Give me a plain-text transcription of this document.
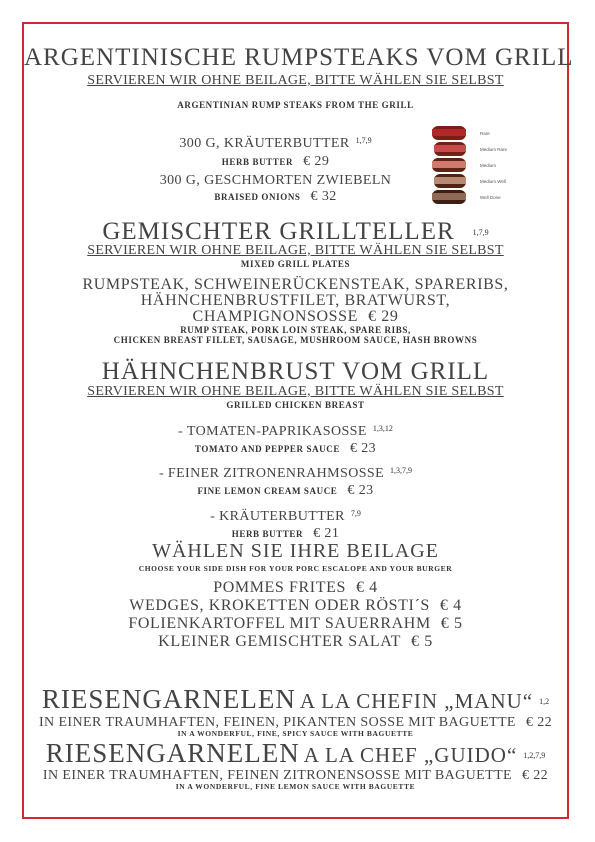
ARGENTINISCHE RUMPSTEAKS VOM GRILL
SERVIEREN WIR OHNE BEILAGE, BITTE WÄHLEN SIE SELBST
ARGENTINIAN RUMP STEAKS FROM THE GRILL
300 G, KRÄUTERBUTTER $^{1,7,9}$
HERB BUTTER € 29
300 G, GESCHMORTEN ZWIEBELN
BRAISED ONIONS € 32
Rare
Medium Rare
Medium
Medium Well
Well Done
GEMISCHTER GRILLTELLER $^{1,7,9}$
SERVIEREN WIR OHNE BEILAGE, BITTE WÄHLEN SIE SELBST
MIXED GRILL PLATES
RUMPSTEAK, SCHWEINERÜCKENSTEAK, SPARERIBS,
HÄHNCHENBRUSTFILET, BRATWURST,
CHAMPIGNONSOSSE € 29
RUMP STEAK, PORK LOIN STEAK, SPARE RIBS,
CHICKEN BREAST FILLET, SAUSAGE, MUSHROOM SAUCE, HASH BROWNS
HÄHNCHENBRUST VOM GRILL
SERVIEREN WIR OHNE BEILAGE, BITTE WÄHLEN SIE SELBST
GRILLED CHICKEN BREAST
- TOMATEN-PAPRIKASOSSE $^{1,3,12}$
TOMATO AND PEPPER SAUCE € 23
- FEINER ZITRONENRAHMSOSSE $^{1,3,7,9}$
FINE LEMON CREAM SAUCE € 23
- KRÄUTERBUTTER $^{7,9}$
HERB BUTTER € 21
WÄHLEN SIE IHRE BEILAGE
CHOOSE YOUR SIDE DISH FOR YOUR PORC ESCALOPE AND YOUR BURGER
POMMES FRITES € 4
WEDGES, KROKETTEN ODER RÖSTI´S € 4
FOLIENKARTOFFEL MIT SAUERRAHM € 5
KLEINER GEMISCHTER SALAT € 5
RIESENGARNELEN A LA CHEFIN „MANU“ $^{1,2}$
IN EINER TRAUMHAFTEN, FEINEN, PIKANTEN SOSSE MIT BAGUETTE € 22
IN A WONDERFUL, FINE, SPICY SAUCE WITH BAGUETTE
RIESENGARNELEN A LA CHEF „GUIDO“ $^{1,2,7,9}$
IN EINER TRAUMHAFTEN, FEINEN ZITRONENSOSSE MIT BAGUETTE € 22
IN A WONDERFUL, FINE LEMON SAUCE WITH BAGUETTE
